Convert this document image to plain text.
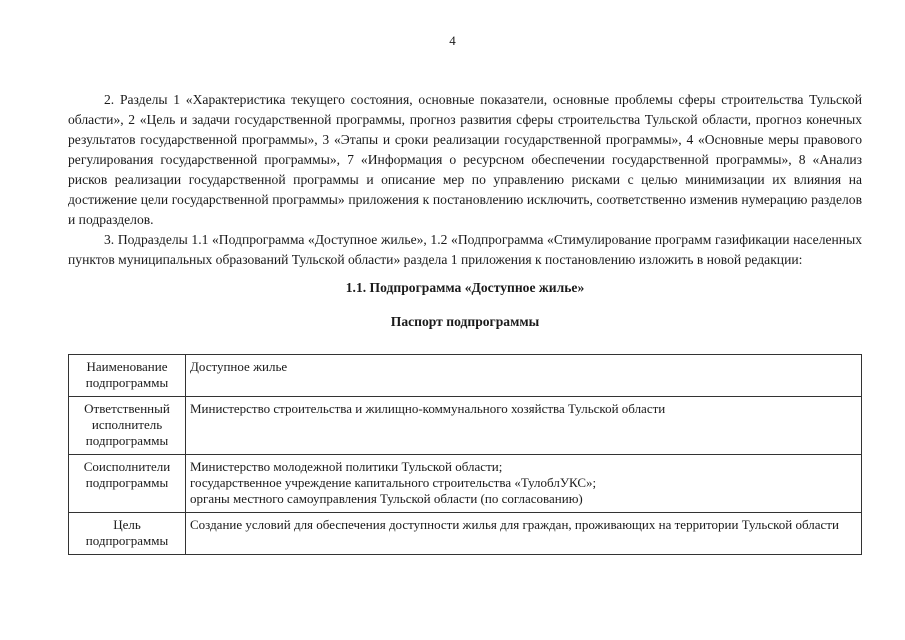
4

2. Разделы 1 «Характеристика текущего состояния, основные показатели, основные проблемы сферы строительства Тульской области», 2 «Цель и задачи государственной программы, прогноз развития сферы строительства Тульской области, прогноз конечных результатов государственной программы», 3 «Этапы и сроки реализации государственной программы», 4 «Основные меры правового регулирования государственной программы», 7 «Информация о ресурсном обеспечении государственной программы», 8 «Анализ рисков реализации государственной программы и описание мер по управлению рисками с целью минимизации их влияния на достижение цели государственной программы» приложения к постановлению исключить, соответственно изменив нумерацию разделов и подразделов.

3. Подразделы 1.1 «Подпрограмма «Доступное жилье», 1.2 «Подпрограмма «Стимулирование программ газификации населенных пунктов муниципальных образований Тульской области» раздела 1 приложения к постановлению изложить в новой редакции:

1.1. Подпрограмма «Доступное жилье»
Паспорт подпрограммы
Наименование подпрограммы	Доступное жилье

Ответственный исполнитель подпрограммы	Министерство строительства и жилищно-коммунального хозяйства Тульской области

Соисполнители подпрограммы	Министерство молодежной политики Тульской области;
государственное учреждение капитального строительства «ТулоблУКС»;
органы местного самоуправления Тульской области (по согласованию)

Цель подпрограммы	Создание условий для обеспечения доступности жилья для граждан, проживающих на территории Тульской области
